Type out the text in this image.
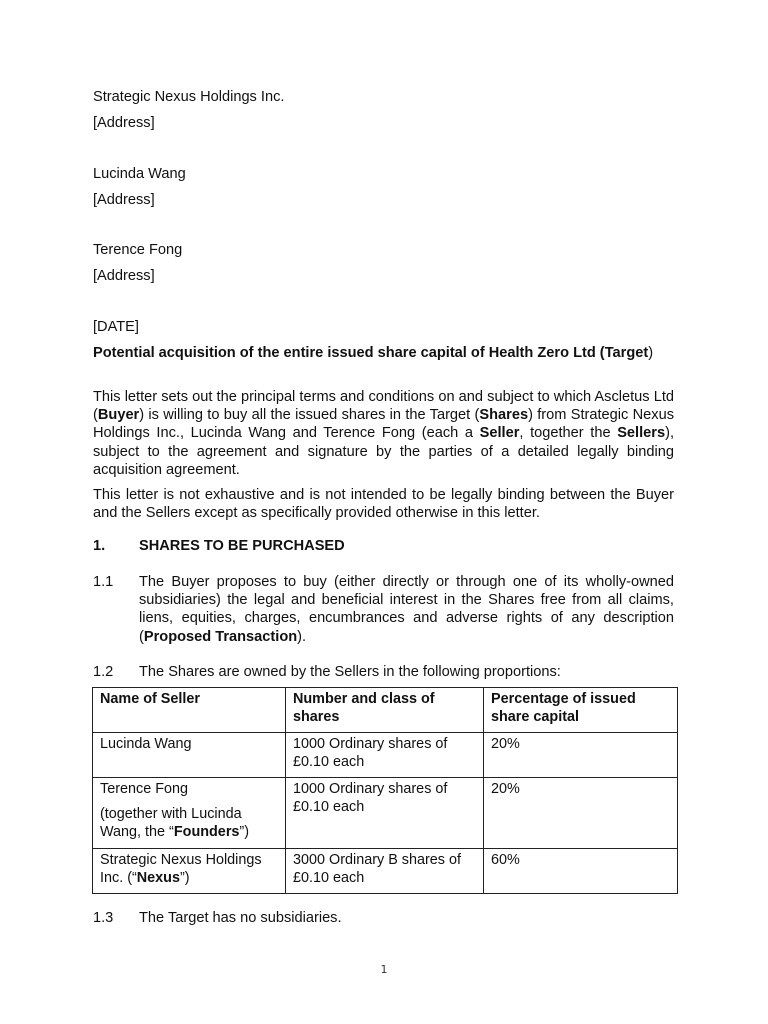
Strategic Nexus Holdings Inc.
[Address]
Lucinda Wang
[Address]
Terence Fong
[Address]
[DATE]
Potential acquisition of the entire issued share capital of Health Zero Ltd (Target)
This letter sets out the principal terms and conditions on and subject to which Ascletus Ltd (Buyer) is willing to buy all the issued shares in the Target (Shares) from Strategic Nexus Holdings Inc., Lucinda Wang and Terence Fong (each a Seller, together the Sellers), subject to the agreement and signature by the parties of a detailed legally binding acquisition agreement.
This letter is not exhaustive and is not intended to be legally binding between the Buyer and the Sellers except as specifically provided otherwise in this letter.
1. SHARES TO BE PURCHASED
1.1 The Buyer proposes to buy (either directly or through one of its wholly-owned subsidiaries) the legal and beneficial interest in the Shares free from all claims, liens, equities, charges, encumbrances and adverse rights of any description (Proposed Transaction).
1.2 The Shares are owned by the Sellers in the following proportions:
Name of Seller	Number and class of shares	Percentage of issued share capital

Lucinda Wang	1000 Ordinary shares of £0.10 each	20%

Terence Fong

(together with Lucinda Wang, the “Founders”)	1000 Ordinary shares of £0.10 each	20%
Strategic Nexus Holdings Inc. (“Nexus”)	3000 Ordinary B shares of £0.10 each	60%
1.3 The Target has no subsidiaries.
1
